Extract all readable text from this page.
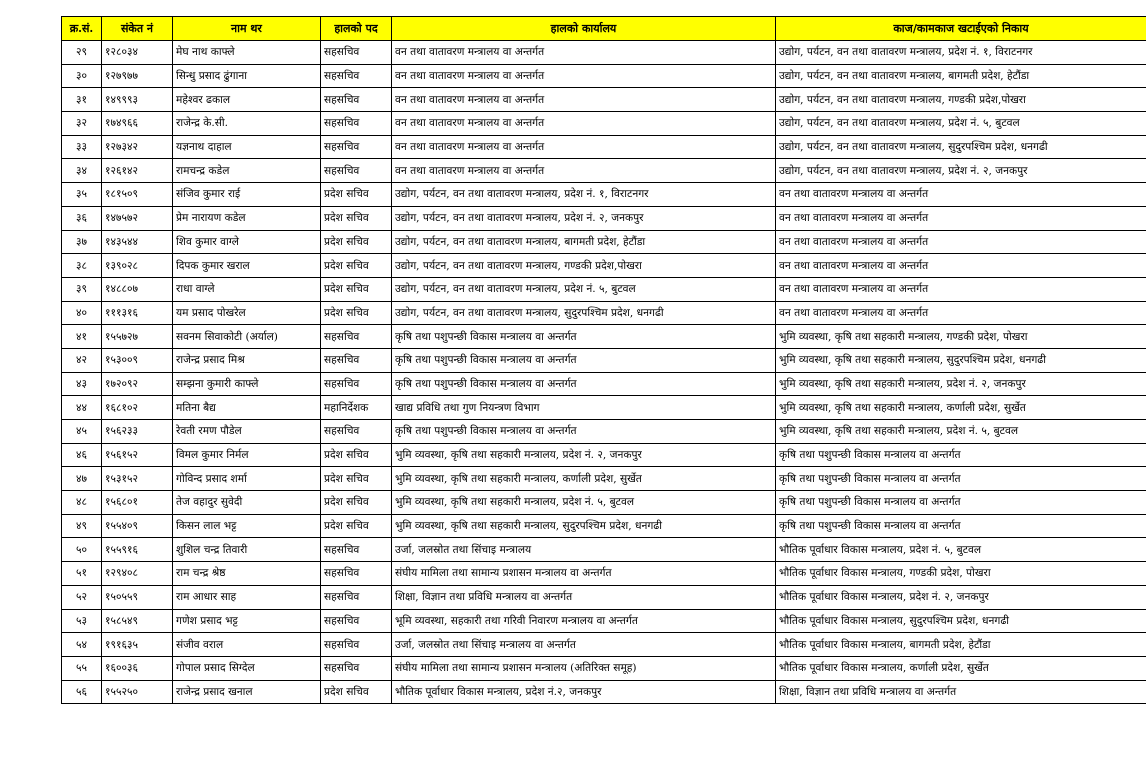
क्र.सं.	संकेत नं	नाम थर	हालको पद	हालको कार्यालय	काज/कामकाज खटाईएको निकाय
२९	१२८०३४	मेघ नाथ काफ्ले	सहसचिव	वन तथा वातावरण मन्त्रालय वा अन्तर्गत	उद्योग, पर्यटन, वन तथा वातावरण मन्त्रालय, प्रदेश नं. १, विराटनगर
३०	१२७९७७	सिन्धु प्रसाद ढुंगाना	सहसचिव	वन तथा वातावरण मन्त्रालय वा अन्तर्गत	उद्योग, पर्यटन, वन तथा वातावरण मन्त्रालय, बागमती प्रदेश, हेटौंडा
३१	१४९९९३	महेश्वर ढकाल	सहसचिव	वन तथा वातावरण मन्त्रालय वा अन्तर्गत	उद्योग, पर्यटन, वन तथा वातावरण मन्त्रालय, गण्डकी प्रदेश,पोखरा
३२	१७४९६६	राजेन्द्र के.सी.	सहसचिव	वन तथा वातावरण मन्त्रालय वा अन्तर्गत	उद्योग, पर्यटन, वन तथा वातावरण मन्त्रालय, प्रदेश नं. ५, बुटवल
३३	१२७३४२	यज्ञनाथ दाहाल	सहसचिव	वन तथा वातावरण मन्त्रालय वा अन्तर्गत	उद्योग, पर्यटन, वन तथा वातावरण मन्त्रालय, सुदुरपश्चिम प्रदेश, धनगढी
३४	१२६१४२	रामचन्द्र कडेल	सहसचिव	वन तथा वातावरण मन्त्रालय वा अन्तर्गत	उद्योग, पर्यटन, वन तथा वातावरण मन्त्रालय, प्रदेश नं. २, जनकपुर
३५	१८१५०९	संजिव कुमार राई	प्रदेश सचिव	उद्योग, पर्यटन, वन तथा वातावरण मन्त्रालय, प्रदेश नं. १, विराटनगर	वन तथा वातावरण मन्त्रालय वा अन्तर्गत
३६	१४७५७२	प्रेम नारायण कडेल	प्रदेश सचिव	उद्योग, पर्यटन, वन तथा वातावरण मन्त्रालय, प्रदेश नं. २, जनकपुर	वन तथा वातावरण मन्त्रालय वा अन्तर्गत
३७	१४३५४४	शिव कुमार वाग्ले	प्रदेश सचिव	उद्योग, पर्यटन, वन तथा वातावरण मन्त्रालय, बागमती प्रदेश, हेटौंडा	वन तथा वातावरण मन्त्रालय वा अन्तर्गत
३८	१३९०२८	दिपक कुमार खराल	प्रदेश सचिव	उद्योग, पर्यटन, वन तथा वातावरण मन्त्रालय, गण्डकी प्रदेश,पोखरा	वन तथा वातावरण मन्त्रालय वा अन्तर्गत
३९	१४८८०७	राधा वाग्ले	प्रदेश सचिव	उद्योग, पर्यटन, वन तथा वातावरण मन्त्रालय, प्रदेश नं. ५, बुटवल	वन तथा वातावरण मन्त्रालय वा अन्तर्गत
४०	१११३१६	यम प्रसाद पोखरेल	प्रदेश सचिव	उद्योग, पर्यटन, वन तथा वातावरण मन्त्रालय, सुदुरपश्चिम प्रदेश, धनगढी	वन तथा वातावरण मन्त्रालय वा अन्तर्गत
४१	१५५७२७	सवनम सिवाकोटी (अर्याल)	सहसचिव	कृषि तथा पशुपन्छी विकास मन्त्रालय वा अन्तर्गत	भुमि व्यवस्था, कृषि तथा सहकारी मन्त्रालय, गण्डकी प्रदेश, पोखरा
४२	१५३००९	राजेन्द्र प्रसाद मिश्र	सहसचिव	कृषि तथा पशुपन्छी विकास मन्त्रालय वा अन्तर्गत	भुमि व्यवस्था, कृषि तथा सहकारी मन्त्रालय, सुदुरपश्चिम प्रदेश, धनगढी
४३	१७२०९२	सम्झना कुमारी काफ्ले	सहसचिव	कृषि तथा पशुपन्छी विकास मन्त्रालय वा अन्तर्गत	भुमि व्यवस्था, कृषि तथा सहकारी मन्त्रालय, प्रदेश नं. २, जनकपुर
४४	१६८१०२	मतिना बैद्य	महानिर्देशक	खाद्य प्रविधि तथा गुण नियन्त्रण विभाग	भुमि व्यवस्था, कृषि तथा सहकारी मन्त्रालय, कर्णाली प्रदेश, सुर्खेत
४५	१५६२३३	रेवती रमण पौडेल	सहसचिव	कृषि तथा पशुपन्छी विकास मन्त्रालय वा अन्तर्गत	भुमि व्यवस्था, कृषि तथा सहकारी मन्त्रालय, प्रदेश नं. ५, बुटवल
४६	१५६१५२	विमल कुमार निर्मल	प्रदेश सचिव	भुमि व्यवस्था, कृषि तथा सहकारी मन्त्रालय, प्रदेश नं. २, जनकपुर	कृषि तथा पशुपन्छी विकास मन्त्रालय वा अन्तर्गत
४७	१५३१५२	गोविन्द प्रसाद शर्मा	प्रदेश सचिव	भुमि व्यवस्था, कृषि तथा सहकारी मन्त्रालय, कर्णाली प्रदेश, सुर्खेत	कृषि तथा पशुपन्छी विकास मन्त्रालय वा अन्तर्गत
४८	१५६८०१	तेज वहादुर सुवेदी	प्रदेश सचिव	भुमि व्यवस्था, कृषि तथा सहकारी मन्त्रालय, प्रदेश नं. ५, बुटवल	कृषि तथा पशुपन्छी विकास मन्त्रालय वा अन्तर्गत
४९	१५५४०९	किसन लाल भट्ट	प्रदेश सचिव	भुमि व्यवस्था, कृषि तथा सहकारी मन्त्रालय, सुदुरपश्चिम प्रदेश, धनगढी	कृषि तथा पशुपन्छी विकास मन्त्रालय वा अन्तर्गत
५०	१५५९१६	शुशिल चन्द्र तिवारी	सहसचिव	उर्जा, जलस्रोत तथा सिंचाइ मन्त्रालय	भौतिक पूर्वाधार विकास मन्त्रालय, प्रदेश नं. ५, बुटवल
५१	१२९४०८	राम चन्द्र श्रेष्ठ	सहसचिव	संघीय मामिला तथा सामान्य प्रशासन मन्त्रालय वा अन्तर्गत	भौतिक पूर्वाधार विकास मन्त्रालय, गण्डकी प्रदेश, पोखरा
५२	१५०५५९	राम आधार साह	सहसचिव	शिक्षा, विज्ञान तथा प्रविधि मन्त्रालय वा अन्तर्गत	भौतिक पूर्वाधार विकास मन्त्रालय, प्रदेश नं. २, जनकपुर
५३	१५८५४९	गणेश प्रसाद भट्ट	सहसचिव	भूमि व्यवस्था, सहकारी तथा गरिवी निवारण मन्त्रालय वा अन्तर्गत	भौतिक पूर्वाधार विकास मन्त्रालय, सुदुरपश्चिम प्रदेश, धनगढी
५४	१९१६३५	संजीव वराल	सहसचिव	उर्जा, जलस्रोत तथा सिंचाइ मन्त्रालय वा अन्तर्गत	भौतिक पूर्वाधार विकास मन्त्रालय, बागमती प्रदेश, हेटौंडा
५५	१६००३६	गोपाल प्रसाद सिग्देल	सहसचिव	संघीय मामिला तथा सामान्य प्रशासन मन्त्रालय (अतिरिक्त समूह)	भौतिक पूर्वाधार विकास मन्त्रालय, कर्णाली प्रदेश, सुर्खेत
५६	१५५२५०	राजेन्द्र प्रसाद खनाल	प्रदेश सचिव	भौतिक पूर्वाधार विकास मन्त्रालय, प्रदेश नं.२, जनकपुर	शिक्षा, विज्ञान तथा प्रविधि मन्त्रालय वा अन्तर्गत
